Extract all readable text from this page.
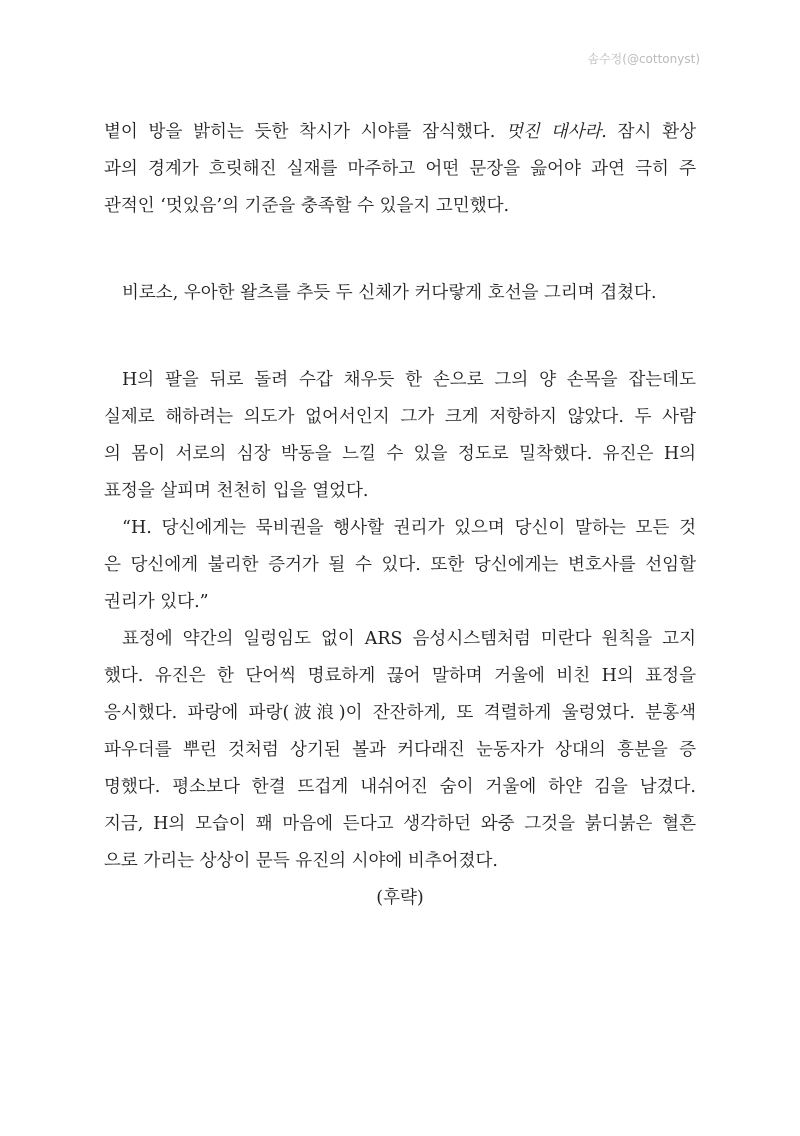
솜수정(@cottonyst)
볕이 방을 밝히는 듯한 착시가 시야를 잠식했다. 멋진 대사라. 잠시 환상
과의 경계가 흐릿해진 실재를 마주하고 어떤 문장을 읊어야 과연 극히 주
관적인 ‘멋있음’의 기준을 충족할 수 있을지 고민했다.
비로소, 우아한 왈츠를 추듯 두 신체가 커다랗게 호선을 그리며 겹쳤다.
H의 팔을 뒤로 돌려 수갑 채우듯 한 손으로 그의 양 손목을 잡는데도
실제로 해하려는 의도가 없어서인지 그가 크게 저항하지 않았다. 두 사람
의 몸이 서로의 심장 박동을 느낄 수 있을 정도로 밀착했다. 유진은 H의
표정을 살피며 천천히 입을 열었다.
“H. 당신에게는 묵비권을 행사할 권리가 있으며 당신이 말하는 모든 것
은 당신에게 불리한 증거가 될 수 있다. 또한 당신에게는 변호사를 선임할
권리가 있다.”
표정에 약간의 일렁임도 없이 ARS 음성시스템처럼 미란다 원칙을 고지
했다. 유진은 한 단어씩 명료하게 끊어 말하며 거울에 비친 H의 표정을
응시했다. 파랑에 파랑(波浪)이 잔잔하게, 또 격렬하게 울렁였다. 분홍색
파우더를 뿌린 것처럼 상기된 볼과 커다래진 눈동자가 상대의 흥분을 증
명했다. 평소보다 한결 뜨겁게 내쉬어진 숨이 거울에 하얀 김을 남겼다.
지금, H의 모습이 꽤 마음에 든다고 생각하던 와중 그것을 붉디붉은 혈흔
으로 가리는 상상이 문득 유진의 시야에 비추어졌다.
(후략)
